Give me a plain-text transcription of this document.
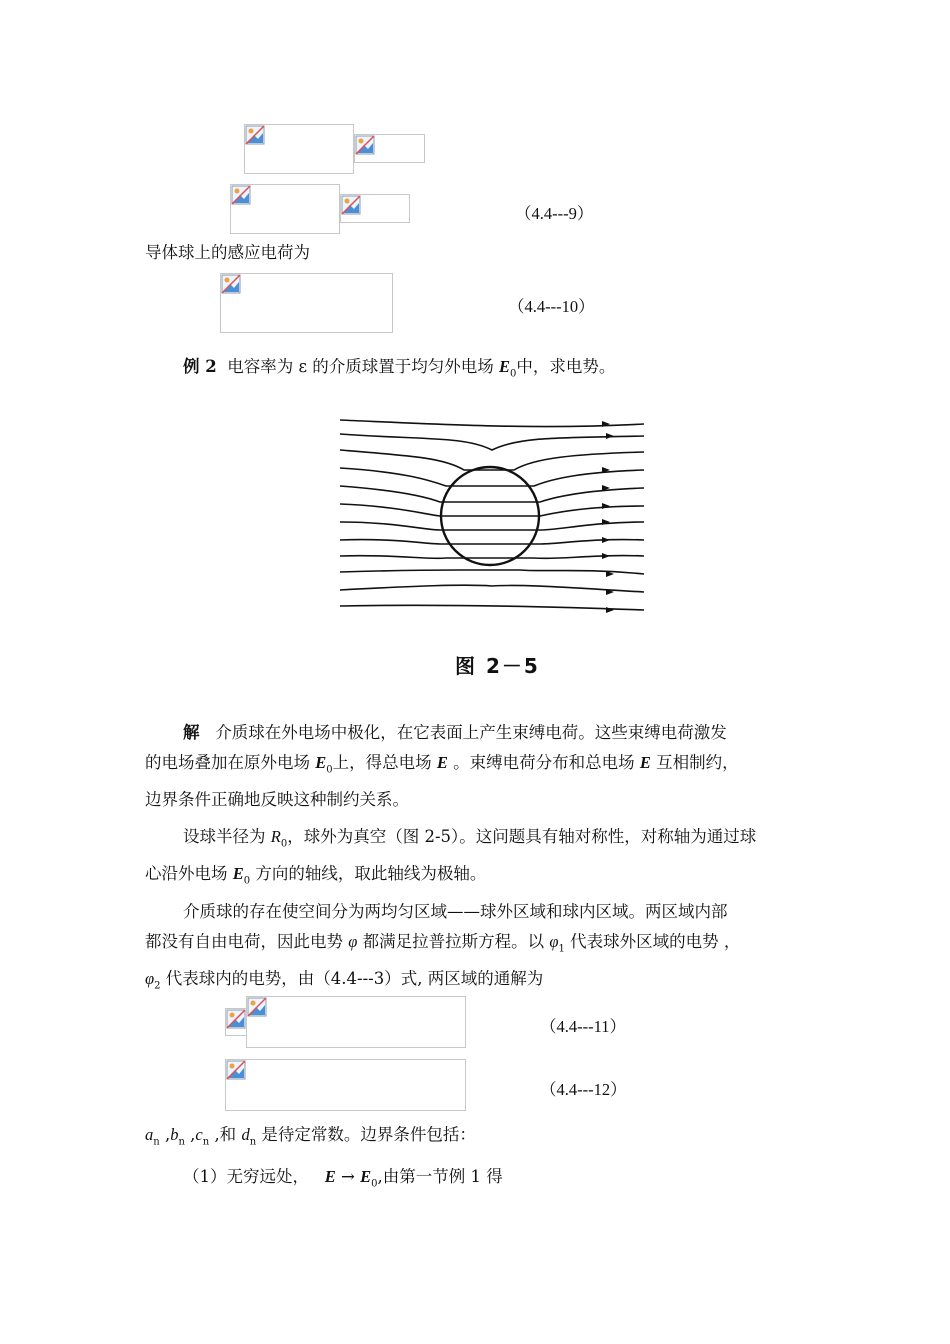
（4.4---9）
导体球上的感应电荷为
（4.4---10）
例 2 电容率为 ε 的介质球置于均匀外电场 $E_0$中，求电势。
图 2－5

解 介质球在外电场中极化，在它表面上产生束缚电荷。这些束缚电荷激发
的电场叠加在原外电场 $E_0$上，得总电场 E 。束缚电荷分布和总电场 E 互相制约，
边界条件正确地反映这种制约关系。

设球半径为 $R_0$，球外为真空（图 2-5）。这问题具有轴对称性，对称轴为通过球
心沿外电场 $E_0$ 方向的轴线，取此轴线为极轴。

介质球的存在使空间分为两均匀区域——球外区域和球内区域。两区域内部
都没有自由电荷，因此电势 φ 都满足拉普拉斯方程。以 $\varphi_1$ 代表球外区域的电势 ，
$\varphi_2$ 代表球内的电势，由（4.4---3）式, 两区域的通解为

（4.4---11）
（4.4---12）
$a_n$ $,b_n$ $,c_n$ ,和 $d_n$ 是待定常数。边界条件包括：
（1）无穷远处，   $E \to E_0$,由第一节例 1 得
